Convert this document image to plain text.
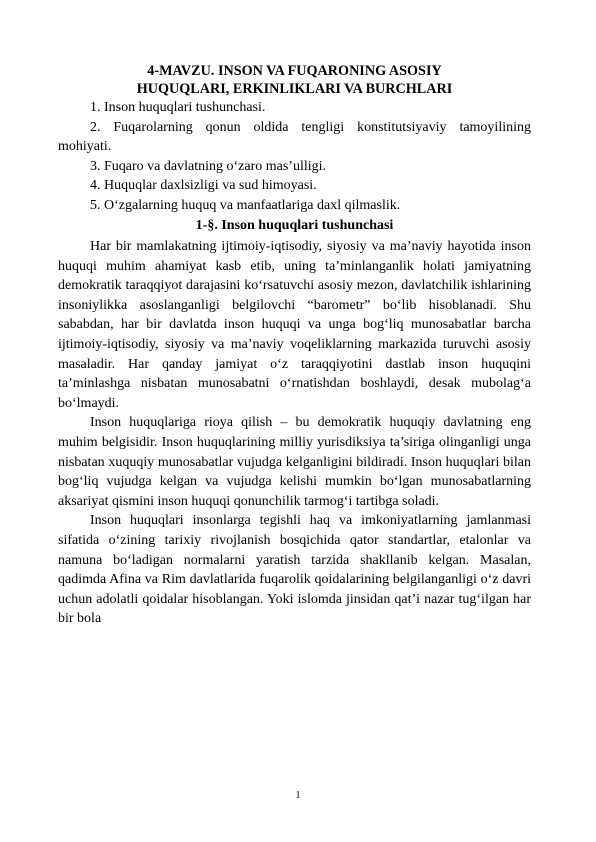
4-MAVZU. INSON VA FUQARONING ASOSIY
HUQUQLARI, ERKINLIKLARI VA BURCHLARI
1. Inson huquqlari tushunchasi.
2. Fuqarolarning qonun oldida tengligi konstitutsiyaviy tamoyilining mohiyati.
3. Fuqaro va davlatning o‘zaro mas’ulligi.
4. Huquqlar daxlsizligi va sud himoyasi.
5. O‘zgalarning huquq va manfaatlariga daxl qilmaslik.
1-§. Inson huquqlari tushunchasi

Har bir mamlakatning ijtimoiy-iqtisodiy, siyosiy va ma’naviy hayotida inson huquqi muhim ahamiyat kasb etib, uning ta’minlanganlik holati jamiyatning demokratik taraqqiyot darajasini ko‘rsatuvchi asosiy mezon, davlatchilik ishlarining insoniylikka asoslanganligi belgilovchi “barometr” bo‘lib hisoblanadi. Shu sababdan, har bir davlatda inson huquqi va unga bog‘liq munosabatlar barcha ijtimoiy-iqtisodiy, siyosiy va ma’naviy voqeliklarning markazida turuvchi asosiy masaladir. Har qanday jamiyat o‘z taraqqiyotini dastlab inson huquqini ta’minlashga nisbatan munosabatni o‘rnatishdan boshlaydi, desak mubolag‘a bo‘lmaydi.

Inson huquqlariga rioya qilish – bu demokratik huquqiy davlatning eng muhim belgisidir. Inson huquqlarining milliy yurisdiksiya ta’siriga olinganligi unga nisbatan xuquqiy munosabatlar vujudga kelganligini bildiradi. Inson huquqlari bilan bog‘liq vujudga kelgan va vujudga kelishi mumkin bo‘lgan munosabatlarning aksariyat qismini inson huquqi qonunchilik tarmog‘i tartibga soladi.

Inson huquqlari insonlarga tegishli haq va imkoniyatlarning jamlanmasi sifatida o‘zining tarixiy rivojlanish bosqichida qator standartlar, etalonlar va namuna bo‘ladigan normalarni yaratish tarzida shakllanib kelgan. Masalan, qadimda Afina va Rim davlatlarida fuqarolik qoidalarining belgilanganligi o‘z davri uchun adolatli qoidalar hisoblangan. Yoki islomda jinsidan qat’i nazar tug‘ilgan har bir bola

1
